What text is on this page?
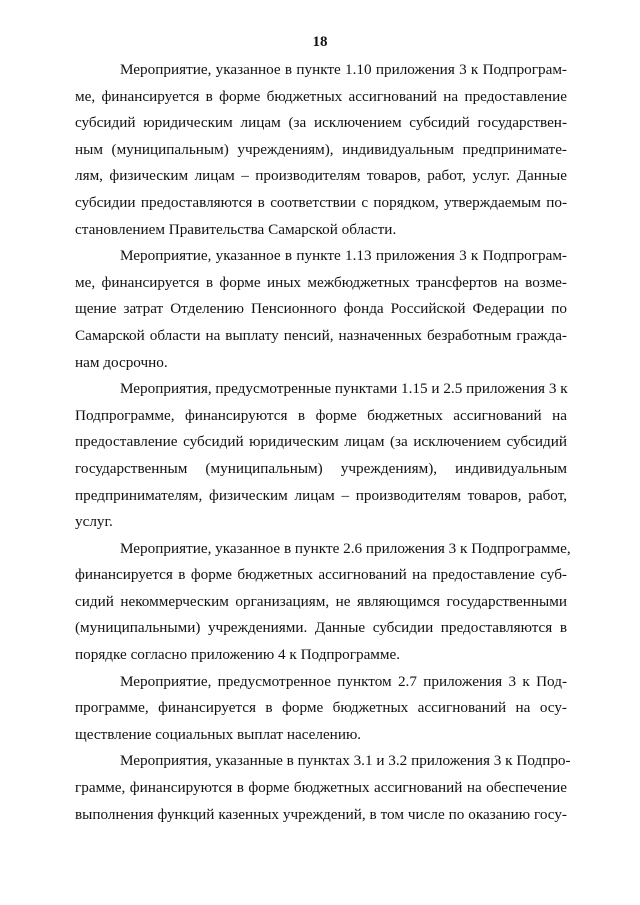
18
Мероприятие, указанное в пункте 1.10 приложения 3 к Подпрограм-
ме, финансируется в форме бюджетных ассигнований на предоставление
субсидий юридическим лицам (за исключением субсидий государствен-
ным (муниципальным) учреждениям), индивидуальным предпринимате-
лям, физическим лицам – производителям товаров, работ, услуг. Данные
субсидии предоставляются в соответствии с порядком, утверждаемым по-
становлением Правительства Самарской области.
Мероприятие, указанное в пункте 1.13 приложения 3 к Подпрограм-
ме, финансируется в форме иных межбюджетных трансфертов на возме-
щение затрат Отделению Пенсионного фонда Российской Федерации по
Самарской области на выплату пенсий, назначенных безработным гражда-
нам досрочно.
Мероприятия, предусмотренные пунктами 1.15 и 2.5 приложения 3 к
Подпрограмме, финансируются в форме бюджетных ассигнований на
предоставление субсидий юридическим лицам (за исключением субсидий
государственным (муниципальным) учреждениям), индивидуальным
предпринимателям, физическим лицам – производителям товаров, работ,
услуг.
Мероприятие, указанное в пункте 2.6 приложения 3 к Подпрограмме,
финансируется в форме бюджетных ассигнований на предоставление суб-
сидий некоммерческим организациям, не являющимся государственными
(муниципальными) учреждениями. Данные субсидии предоставляются в
порядке согласно приложению 4 к Подпрограмме.
Мероприятие, предусмотренное пунктом 2.7 приложения 3 к Под-
программе, финансируется в форме бюджетных ассигнований на осу-
ществление социальных выплат населению.
Мероприятия, указанные в пунктах 3.1 и 3.2 приложения 3 к Подпро-
грамме, финансируются в форме бюджетных ассигнований на обеспечение
выполнения функций казенных учреждений, в том числе по оказанию госу-
